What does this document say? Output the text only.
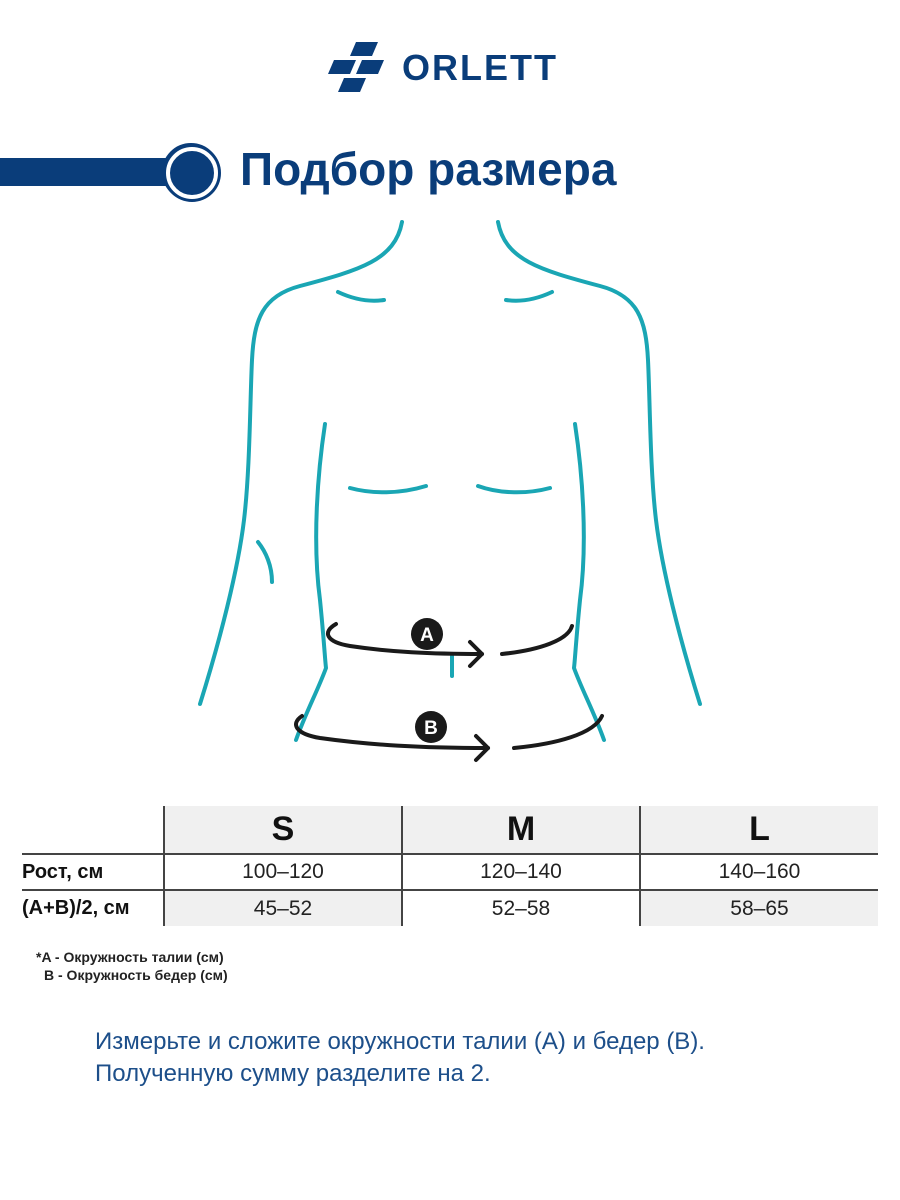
ORLETT
Подбор размера
A
B
	S	M	L
Рост, см	100–120	120–140	140–160
(A+B)/2, см	45–52	52–58	58–65
*A - Окружность талии (см)
B - Окружность бедер (см)
Измерьте и сложите окружности талии (A) и бедер (B).
Полученную сумму разделите на 2.
